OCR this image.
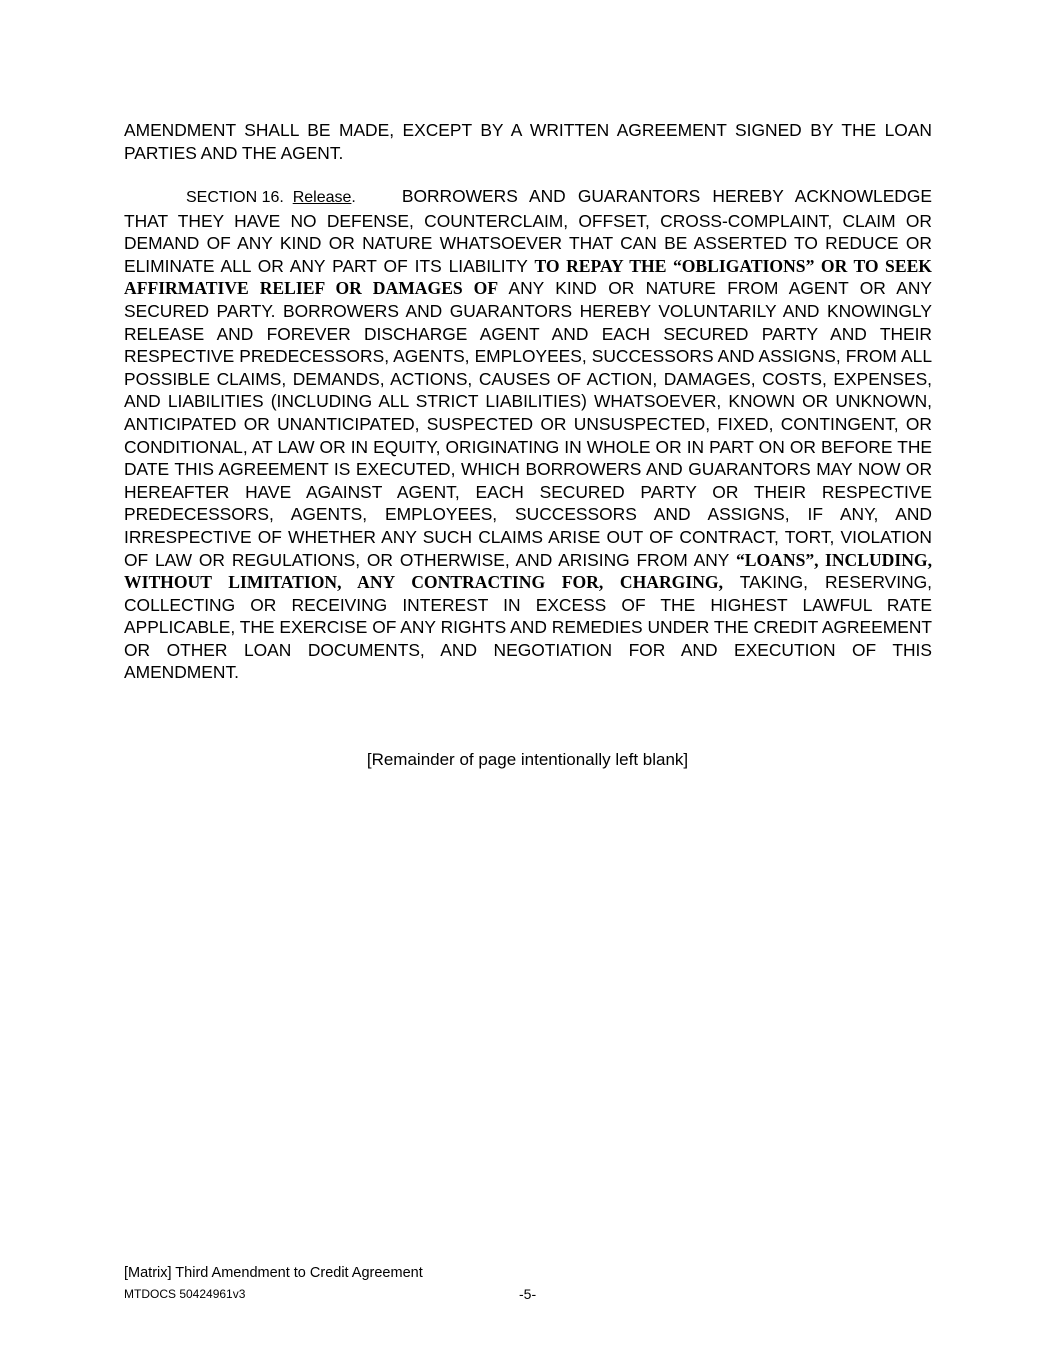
AMENDMENT SHALL BE MADE, EXCEPT BY A WRITTEN AGREEMENT SIGNED BY THE LOAN PARTIES AND THE AGENT.
SECTION 16. Release.	BORROWERS AND GUARANTORS HEREBY ACKNOWLEDGE THAT THEY HAVE NO DEFENSE, COUNTERCLAIM, OFFSET, CROSS-COMPLAINT, CLAIM OR DEMAND OF ANY KIND OR NATURE WHATSOEVER THAT CAN BE ASSERTED TO REDUCE OR ELIMINATE ALL OR ANY PART OF ITS LIABILITY TO REPAY THE “OBLIGATIONS” OR TO SEEK AFFIRMATIVE RELIEF OR DAMAGES OF ANY KIND OR NATURE FROM AGENT OR ANY SECURED PARTY. BORROWERS AND GUARANTORS HEREBY VOLUNTARILY AND KNOWINGLY RELEASE AND FOREVER DISCHARGE AGENT AND EACH SECURED PARTY AND THEIR RESPECTIVE PREDECESSORS, AGENTS, EMPLOYEES, SUCCESSORS AND ASSIGNS, FROM ALL POSSIBLE CLAIMS, DEMANDS, ACTIONS, CAUSES OF ACTION, DAMAGES, COSTS, EXPENSES, AND LIABILITIES (INCLUDING ALL STRICT LIABILITIES) WHATSOEVER, KNOWN OR UNKNOWN, ANTICIPATED OR UNANTICIPATED, SUSPECTED OR UNSUSPECTED, FIXED, CONTINGENT, OR CONDITIONAL, AT LAW OR IN EQUITY, ORIGINATING IN WHOLE OR IN PART ON OR BEFORE THE DATE THIS AGREEMENT IS EXECUTED, WHICH BORROWERS AND GUARANTORS MAY NOW OR HEREAFTER HAVE AGAINST AGENT, EACH SECURED PARTY OR THEIR RESPECTIVE PREDECESSORS, AGENTS, EMPLOYEES, SUCCESSORS AND ASSIGNS, IF ANY, AND IRRESPECTIVE OF WHETHER ANY SUCH CLAIMS ARISE OUT OF CONTRACT, TORT, VIOLATION OF LAW OR REGULATIONS, OR OTHERWISE, AND ARISING FROM ANY “LOANS”, INCLUDING, WITHOUT LIMITATION, ANY CONTRACTING FOR, CHARGING, TAKING, RESERVING, COLLECTING OR RECEIVING INTEREST IN EXCESS OF THE HIGHEST LAWFUL RATE APPLICABLE, THE EXERCISE OF ANY RIGHTS AND REMEDIES UNDER THE CREDIT AGREEMENT OR OTHER LOAN DOCUMENTS, AND NEGOTIATION FOR AND EXECUTION OF THIS AMENDMENT.
[Remainder of page intentionally left blank]
[Matrix] Third Amendment to Credit Agreement
MTDOCS 50424961v3	-5-
